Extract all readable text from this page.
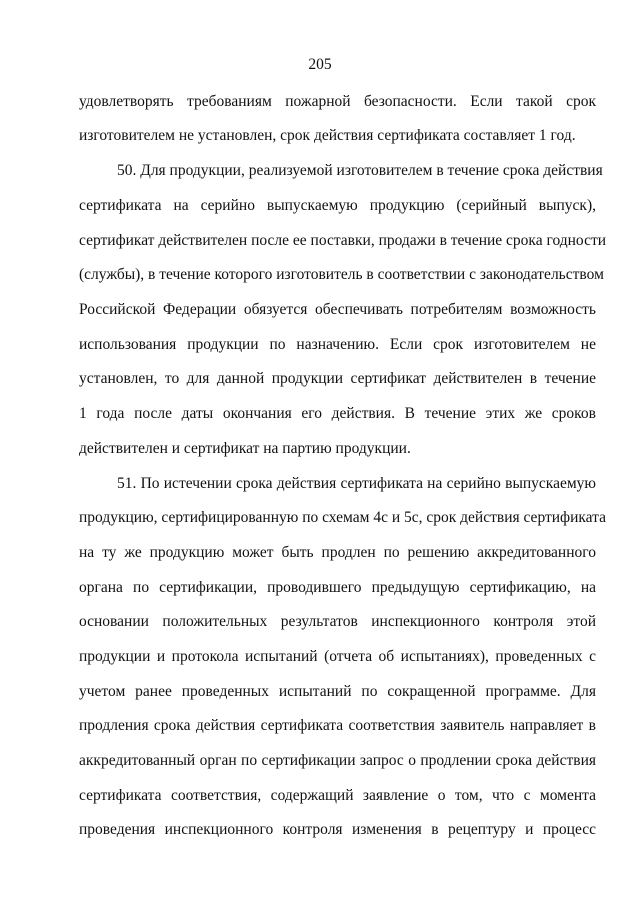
205
удовлетворять требованиям пожарной безопасности. Если такой срок
изготовителем не установлен, срок действия сертификата составляет 1 год.
50. Для продукции, реализуемой изготовителем в течение срока действия
сертификата на серийно выпускаемую продукцию (серийный выпуск),
сертификат действителен после ее поставки, продажи в течение срока годности
(службы), в течение которого изготовитель в соответствии с законодательством
Российской Федерации обязуется обеспечивать потребителям возможность
использования продукции по назначению. Если срок изготовителем не
установлен, то для данной продукции сертификат действителен в течение
1 года после даты окончания его действия. В течение этих же сроков
действителен и сертификат на партию продукции.
51. По истечении срока действия сертификата на серийно выпускаемую
продукцию, сертифицированную по схемам 4с и 5с, срок действия сертификата
на ту же продукцию может быть продлен по решению аккредитованного
органа по сертификации, проводившего предыдущую сертификацию, на
основании положительных результатов инспекционного контроля этой
продукции и протокола испытаний (отчета об испытаниях), проведенных с
учетом ранее проведенных испытаний по сокращенной программе. Для
продления срока действия сертификата соответствия заявитель направляет в
аккредитованный орган по сертификации запрос о продлении срока действия
сертификата соответствия, содержащий заявление о том, что с момента
проведения инспекционного контроля изменения в рецептуру и процесс
